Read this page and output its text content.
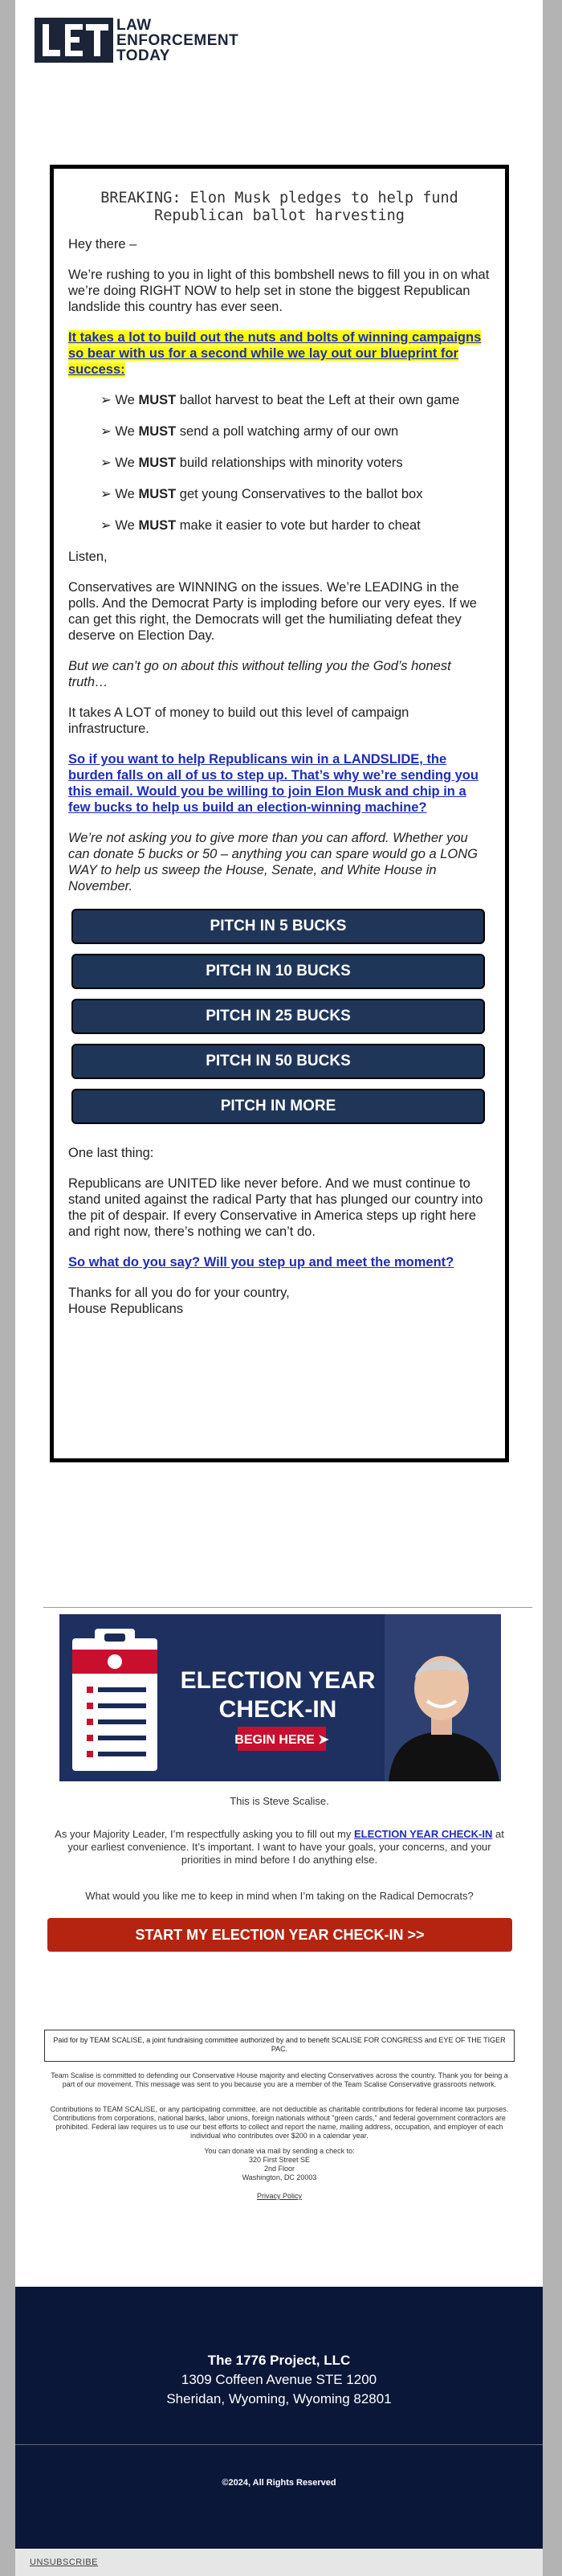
LAW
ENFORCEMENT
TODAY
BREAKING: Elon Musk pledges to help fund Republican ballot harvesting

Hey there –

We’re rushing to you in light of this bombshell news to fill you in on what we’re doing RIGHT NOW to help set in stone the biggest Republican landslide this country has ever seen.

It takes a lot to build out the nuts and bolts of winning campaigns so bear with us for a second while we lay out our blueprint for success:

➢ We MUST ballot harvest to beat the Left at their own game
➢ We MUST send a poll watching army of our own
➢ We MUST build relationships with minority voters
➢ We MUST get young Conservatives to the ballot box
➢ We MUST make it easier to vote but harder to cheat

Listen,

Conservatives are WINNING on the issues. We’re LEADING in the polls. And the Democrat Party is imploding before our very eyes. If we can get this right, the Democrats will get the humiliating defeat they deserve on Election Day.

But we can’t go on about this without telling you the God’s honest truth…

It takes A LOT of money to build out this level of campaign infrastructure.

So if you want to help Republicans win in a LANDSLIDE, the burden falls on all of us to step up. That’s why we’re sending you this email. Would you be willing to join Elon Musk and chip in a few bucks to help us build an election-winning machine?

We’re not asking you to give more than you can afford. Whether you can donate 5 bucks or 50 – anything you can spare would go a LONG WAY to help us sweep the House, Senate, and White House in November.

PITCH IN 5 BUCKS
PITCH IN 10 BUCKS
PITCH IN 25 BUCKS
PITCH IN 50 BUCKS
PITCH IN MORE

One last thing:

Republicans are UNITED like never before. And we must continue to stand united against the radical Party that has plunged our country into the pit of despair. If every Conservative in America steps up right here and right now, there’s nothing we can’t do.

So what do you say? Will you step up and meet the moment?

Thanks for all you do for your country,
House Republicans
ELECTION YEAR
CHECK-IN
BEGIN HERE ➤
This is Steve Scalise.
As your Majority Leader, I’m respectfully asking you to fill out my ELECTION YEAR CHECK-IN at your earliest convenience. It’s important. I want to have your goals, your concerns, and your priorities in mind before I do anything else.
What would you like me to keep in mind when I’m taking on the Radical Democrats?
START MY ELECTION YEAR CHECK-IN >>
Paid for by TEAM SCALISE, a joint fundraising committee authorized by and to benefit SCALISE FOR CONGRESS and EYE OF THE TIGER PAC.
Team Scalise is committed to defending our Conservative House majority and electing Conservatives across the country. Thank you for being a part of our movement. This message was sent to you because you are a member of the Team Scalise Conservative grassroots network.
Contributions to TEAM SCALISE, or any participating committee, are not deductible as charitable contributions for federal income tax purposes. Contributions from corporations, national banks, labor unions, foreign nationals without "green cards," and federal government contractors are prohibited. Federal law requires us to use our best efforts to collect and report the name, mailing address, occupation, and employer of each individual who contributes over $200 in a calendar year.
You can donate via mail by sending a check to:
320 First Street SE
2nd Floor
Washington, DC 20003
Privacy Policy
The 1776 Project, LLC
1309 Coffeen Avenue STE 1200
Sheridan, Wyoming, Wyoming 82801
©2024, All Rights Reserved
UNSUBSCRIBE
